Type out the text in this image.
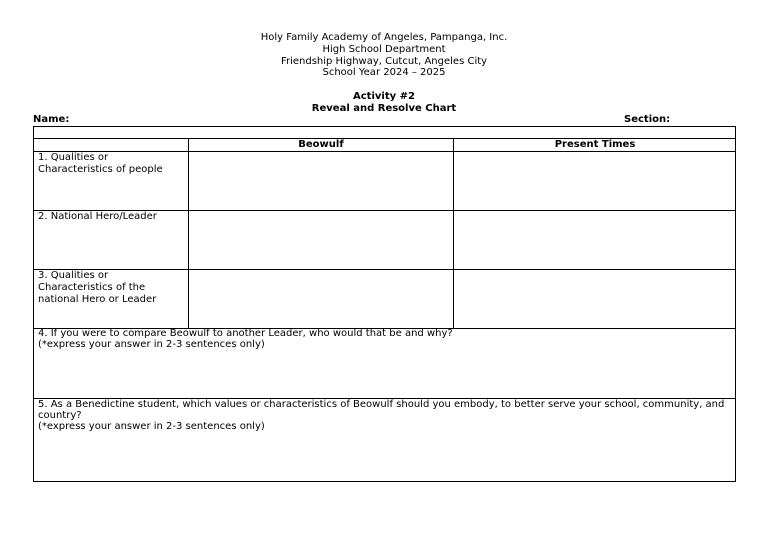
Holy Family Academy of Angeles, Pampanga, Inc.
High School Department
Friendship Highway, Cutcut, Angeles City
School Year 2024 – 2025
Activity #2
Reveal and Resolve Chart
Name:	Section:
Beowulf	Present Times
1. Qualities or Characteristics of people
2. National Hero/Leader
3. Qualities or Characteristics of the national Hero or Leader
4. If you were to compare Beowulf to another Leader, who would that be and why?
(*express your answer in 2-3 sentences only)
5. As a Benedictine student, which values or characteristics of Beowulf should you embody, to better serve your school, community, and country?
(*express your answer in 2-3 sentences only)
